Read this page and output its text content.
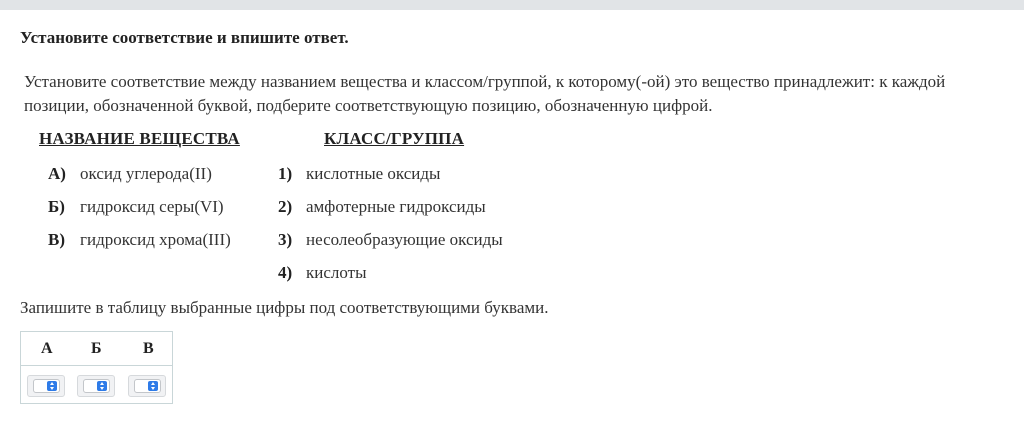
Установите соответствие и впишите ответ.
Установите соответствие между названием вещества и классом/группой, к которому(-ой) это вещество принадлежит: к каждой позиции, обозначенной буквой, подберите соответствующую позицию, обозначенную цифрой.
НАЗВАНИЕ ВЕЩЕСТВА	КЛАСС/ГРУППА
А) оксид углерода(II)
Б) гидроксид серы(VI)
В) гидроксид хрома(III)
1) кислотные оксиды
2) амфотерные гидроксиды
3) несолеобразующие оксиды
4) кислоты
Запишите в таблицу выбранные цифры под соответствующими буквами.
А Б	В
